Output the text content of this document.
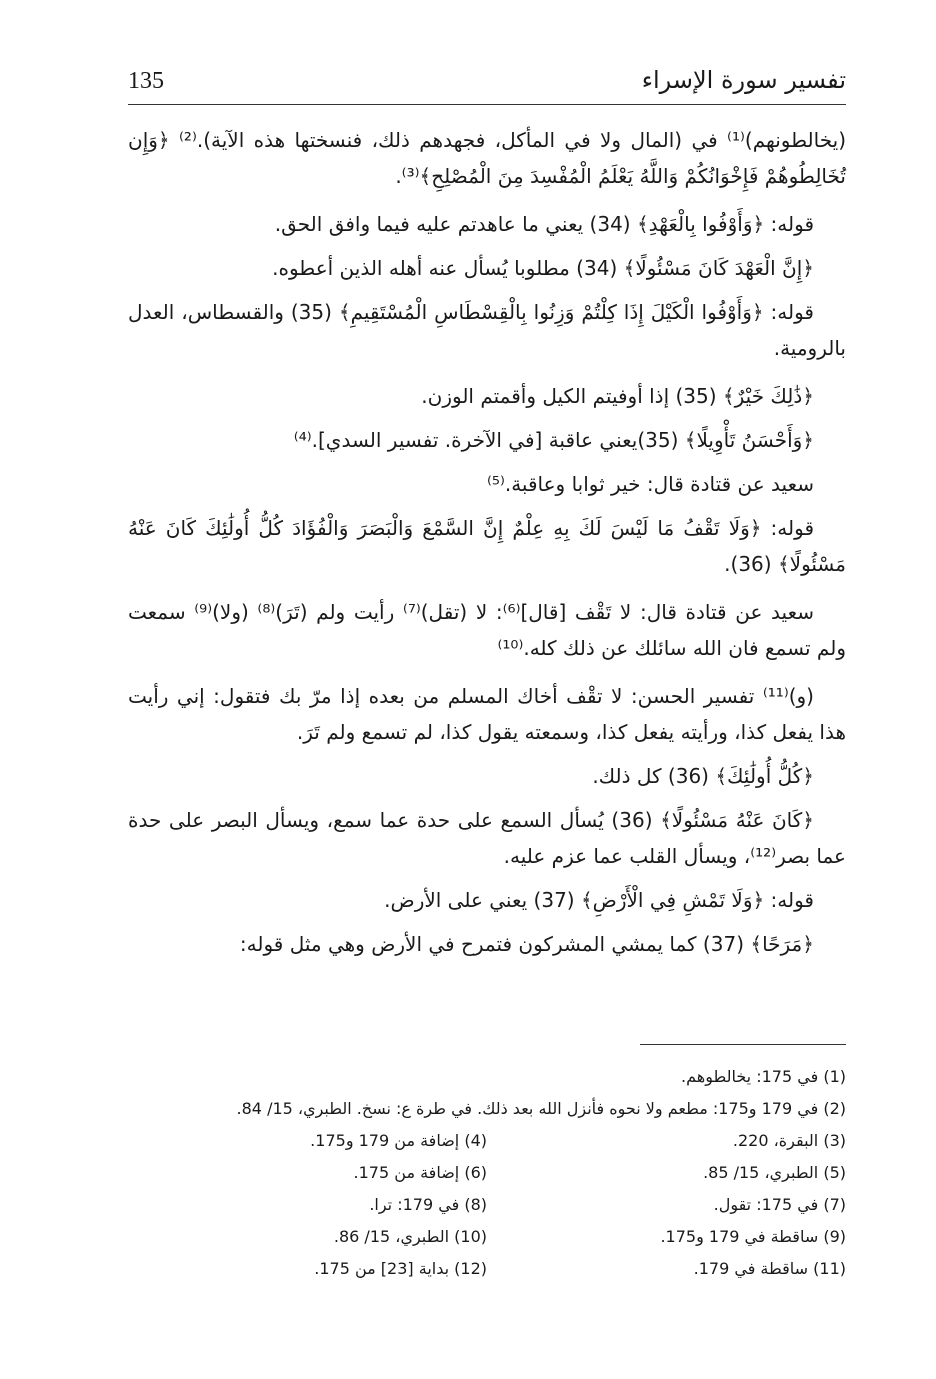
135	تفسير سورة الإسراء

(يخالطونهم)⁽¹⁾ في (المال ولا في المأكل، فجهدهم ذلك، فنسختها هذه الآية).⁽²⁾ ﴿وَإِن تُخَالِطُوهُمْ فَإِخْوَانُكُمْ وَاللَّهُ يَعْلَمُ الْمُفْسِدَ مِنَ الْمُصْلِحِ﴾⁽³⁾.

قوله: ﴿وَأَوْفُوا بِالْعَهْدِ﴾ (34) يعني ما عاهدتم عليه فيما وافق الحق.

﴿إِنَّ الْعَهْدَ كَانَ مَسْئُولًا﴾ (34) مطلوبا يُسأل عنه أهله الذين أعطوه.

قوله: ﴿وَأَوْفُوا الْكَيْلَ إِذَا كِلْتُمْ وَزِنُوا بِالْقِسْطَاسِ الْمُسْتَقِيمِ﴾ (35) والقسطاس، العدل بالرومية.

﴿ذَٰلِكَ خَيْرٌ﴾ (35) إذا أوفيتم الكيل وأقمتم الوزن.

﴿وَأَحْسَنُ تَأْوِيلًا﴾ (35)يعني عاقبة [في الآخرة. تفسير السدي].⁽⁴⁾

سعيد عن قتادة قال: خير ثوابا وعاقبة.⁽⁵⁾

قوله: ﴿وَلَا تَقْفُ مَا لَيْسَ لَكَ بِهِ عِلْمٌ إِنَّ السَّمْعَ وَالْبَصَرَ وَالْفُؤَادَ كُلُّ أُولَٰئِكَ كَانَ عَنْهُ مَسْئُولًا﴾ (36).

سعيد عن قتادة قال: لا تَقْف [قال]⁽⁶⁾: لا (تقل)⁽⁷⁾ رأيت ولم (تَرَ)⁽⁸⁾ (ولا)⁽⁹⁾ سمعت ولم تسمع فان الله سائلك عن ذلك كله.⁽¹⁰⁾

(و)⁽¹¹⁾ تفسير الحسن: لا تقْف أخاك المسلم من بعده إذا مرّ بك فتقول: إني رأيت هذا يفعل كذا، ورأيته يفعل كذا، وسمعته يقول كذا، لم تسمع ولم تَرَ.

﴿كُلُّ أُولَٰئِكَ﴾ (36) كل ذلك.

﴿كَانَ عَنْهُ مَسْئُولًا﴾ (36) يُسأل السمع على حدة عما سمع، ويسأل البصر على حدة عما بصر⁽¹²⁾، ويسأل القلب عما عزم عليه.

قوله: ﴿وَلَا تَمْشِ فِي الْأَرْضِ﴾ (37) يعني على الأرض.

﴿مَرَحًا﴾ (37) كما يمشي المشركون فتمرح في الأرض وهي مثل قوله:

(1) في 175: يخالطوهم.
(2) في 179 و175: مطعم ولا نحوه فأنزل الله بعد ذلك. في طرة ع: نسخ. الطبري، 15/ 84.
(3) البقرة، 220.
(4) إضافة من 179 و175.
(5) الطبري، 15/ 85.
(6) إضافة من 175.
(7) في 175: تقول.
(8) في 179: ترا.
(9) ساقطة في 179 و175.
(10) الطبري، 15/ 86.
(11) ساقطة في 179.
(12) بداية [23] من 175.
